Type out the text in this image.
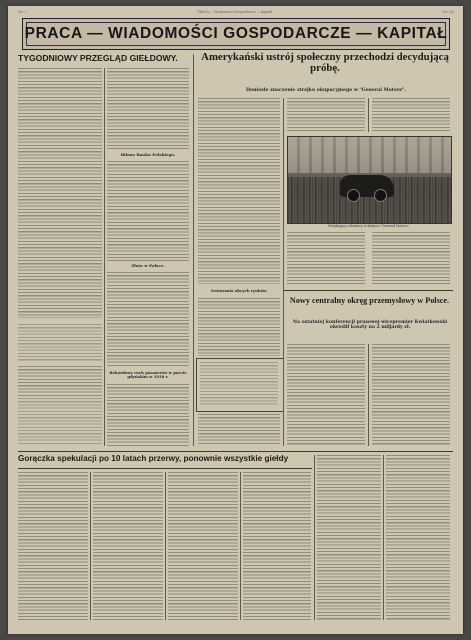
Str. 2	PRACA — Wiadomości Gospodarcze — Kapitał	Nr. 34
PRACA — WIADOMOŚCI GOSPODARCZE — KAPITAŁ
TYGODNIOWY PRZEGLĄD GIEŁDOWY.
Bilans Banku Polskiego.
Złoto w Polsce.
Rekordowy ruch pasażerów w porcie gdyńskim w 1936 r.
Amerykański ustrój społeczny przechodzi decydującą próbę.
Doniosłe znaczenie strejku okupacyjnego w "General Motors".
Strejkujący robotnicy w fabryce "General Motors"
Notowania obcych rynków.
Nowy centralny okręg przemysłowy w Polsce.
Na ostatniej konferencji prasowej wicepremier Kwiatkowski określił koszty na 2 miljardy zł.
Gorączka spekulacji po 10 latach przerwy, ponownie wszystkie giełdy
